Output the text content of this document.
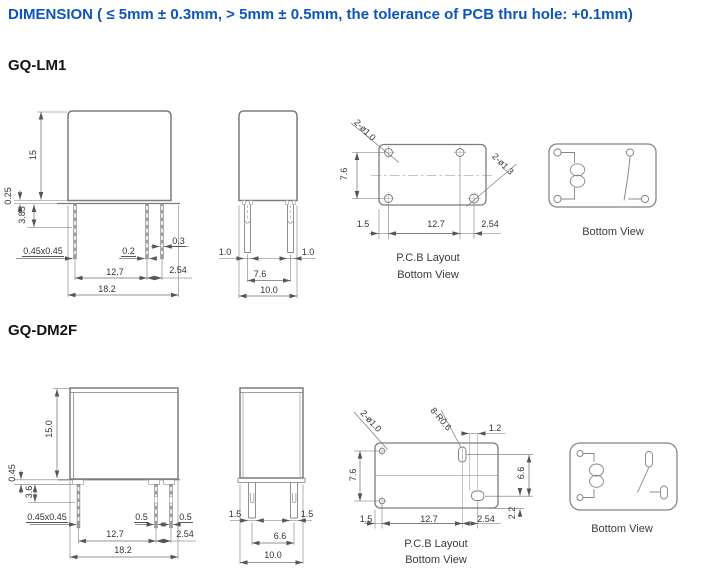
DIMENSION ( ≤ 5mm ± 0.3mm, > 5mm ± 0.5mm, the tolerance of PCB thru hole: +0.1mm)
GQ-LM1
GQ-DM2F
15
0.25
3.85
0.45x0.45	0.2
0.3
12.7	2.54
18.2
1.0	1.0
7.6
10.0
2-ø1.0
2-ø1.3
7.6
1.5	12.7	2.54
P.C.B Layout
Bottom View
Bottom View
15.0
0.45
3.6
0.45x0.45	0.5	0.5
12.7	2.54
18.2
1.5	1.5
6.6
10.0
2-ø1.0	8-R0.6	1.2
7.6	6.6
1.5	12.7	2.54 2.2
P.C.B Layout
Bottom View
Bottom View
